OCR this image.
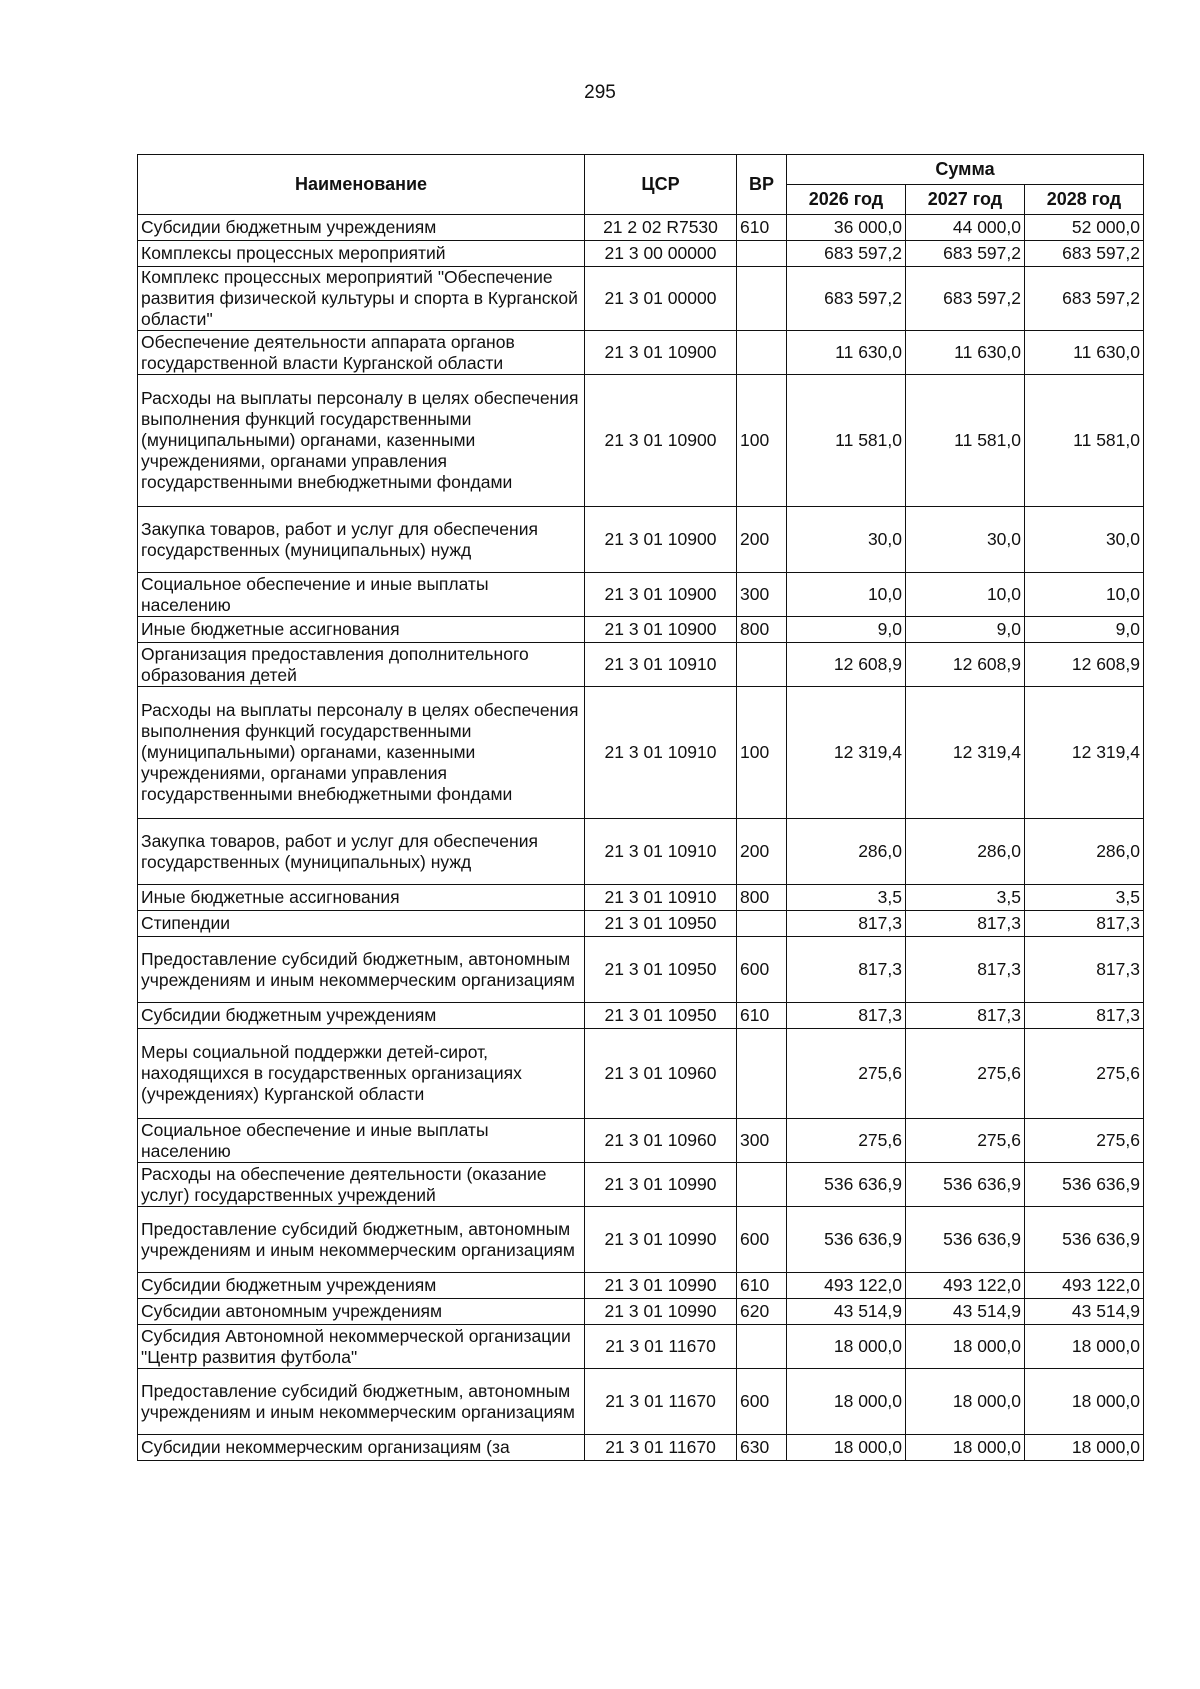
295
Наименование	ЦСР	ВР	Сумма		
			2026 год	2027 год	2028 год
Субсидии бюджетным учреждениям	21 2 02 R7530	610	36 000,0	44 000,0	52 000,0
Комплексы процессных мероприятий	21 3 00 00000		683 597,2	683 597,2	683 597,2
Комплекс процессных мероприятий "Обеспечение развития физической культуры и спорта в Курганской области"	21 3 01 00000		683 597,2	683 597,2	683 597,2
Обеспечение деятельности аппарата органов государственной власти Курганской области	21 3 01 10900		11 630,0	11 630,0	11 630,0
Расходы на выплаты персоналу в целях обеспечения выполнения функций государственными (муниципальными) органами, казенными учреждениями, органами управления государственными внебюджетными фондами	21 3 01 10900	100	11 581,0	11 581,0	11 581,0
Закупка товаров, работ и услуг для обеспечения государственных (муниципальных) нужд	21 3 01 10900	200	30,0	30,0	30,0
Социальное обеспечение и иные выплаты населению	21 3 01 10900	300	10,0	10,0	10,0
Иные бюджетные ассигнования	21 3 01 10900	800	9,0	9,0	9,0
Организация предоставления дополнительного образования детей	21 3 01 10910		12 608,9	12 608,9	12 608,9
Расходы на выплаты персоналу в целях обеспечения выполнения функций государственными (муниципальными) органами, казенными учреждениями, органами управления государственными внебюджетными фондами	21 3 01 10910	100	12 319,4	12 319,4	12 319,4
Закупка товаров, работ и услуг для обеспечения государственных (муниципальных) нужд	21 3 01 10910	200	286,0	286,0	286,0
Иные бюджетные ассигнования	21 3 01 10910	800	3,5	3,5	3,5
Стипендии	21 3 01 10950		817,3	817,3	817,3
Предоставление субсидий бюджетным, автономным учреждениям и иным некоммерческим организациям	21 3 01 10950	600	817,3	817,3	817,3
Субсидии бюджетным учреждениям	21 3 01 10950	610	817,3	817,3	817,3
Меры социальной поддержки детей-сирот, находящихся в государственных организациях (учреждениях) Курганской области	21 3 01 10960		275,6	275,6	275,6
Социальное обеспечение и иные выплаты населению	21 3 01 10960	300	275,6	275,6	275,6
Расходы на обеспечение деятельности (оказание услуг) государственных учреждений	21 3 01 10990		536 636,9	536 636,9	536 636,9
Предоставление субсидий бюджетным, автономным учреждениям и иным некоммерческим организациям	21 3 01 10990	600	536 636,9	536 636,9	536 636,9
Субсидии бюджетным учреждениям	21 3 01 10990	610	493 122,0	493 122,0	493 122,0
Субсидии автономным учреждениям	21 3 01 10990	620	43 514,9	43 514,9	43 514,9
Субсидия Автономной некоммерческой организации "Центр развития футбола"	21 3 01 11670		18 000,0	18 000,0	18 000,0
Предоставление субсидий бюджетным, автономным учреждениям и иным некоммерческим организациям	21 3 01 11670	600	18 000,0	18 000,0	18 000,0
Субсидии некоммерческим организациям (за	21 3 01 11670	630	18 000,0	18 000,0	18 000,0
